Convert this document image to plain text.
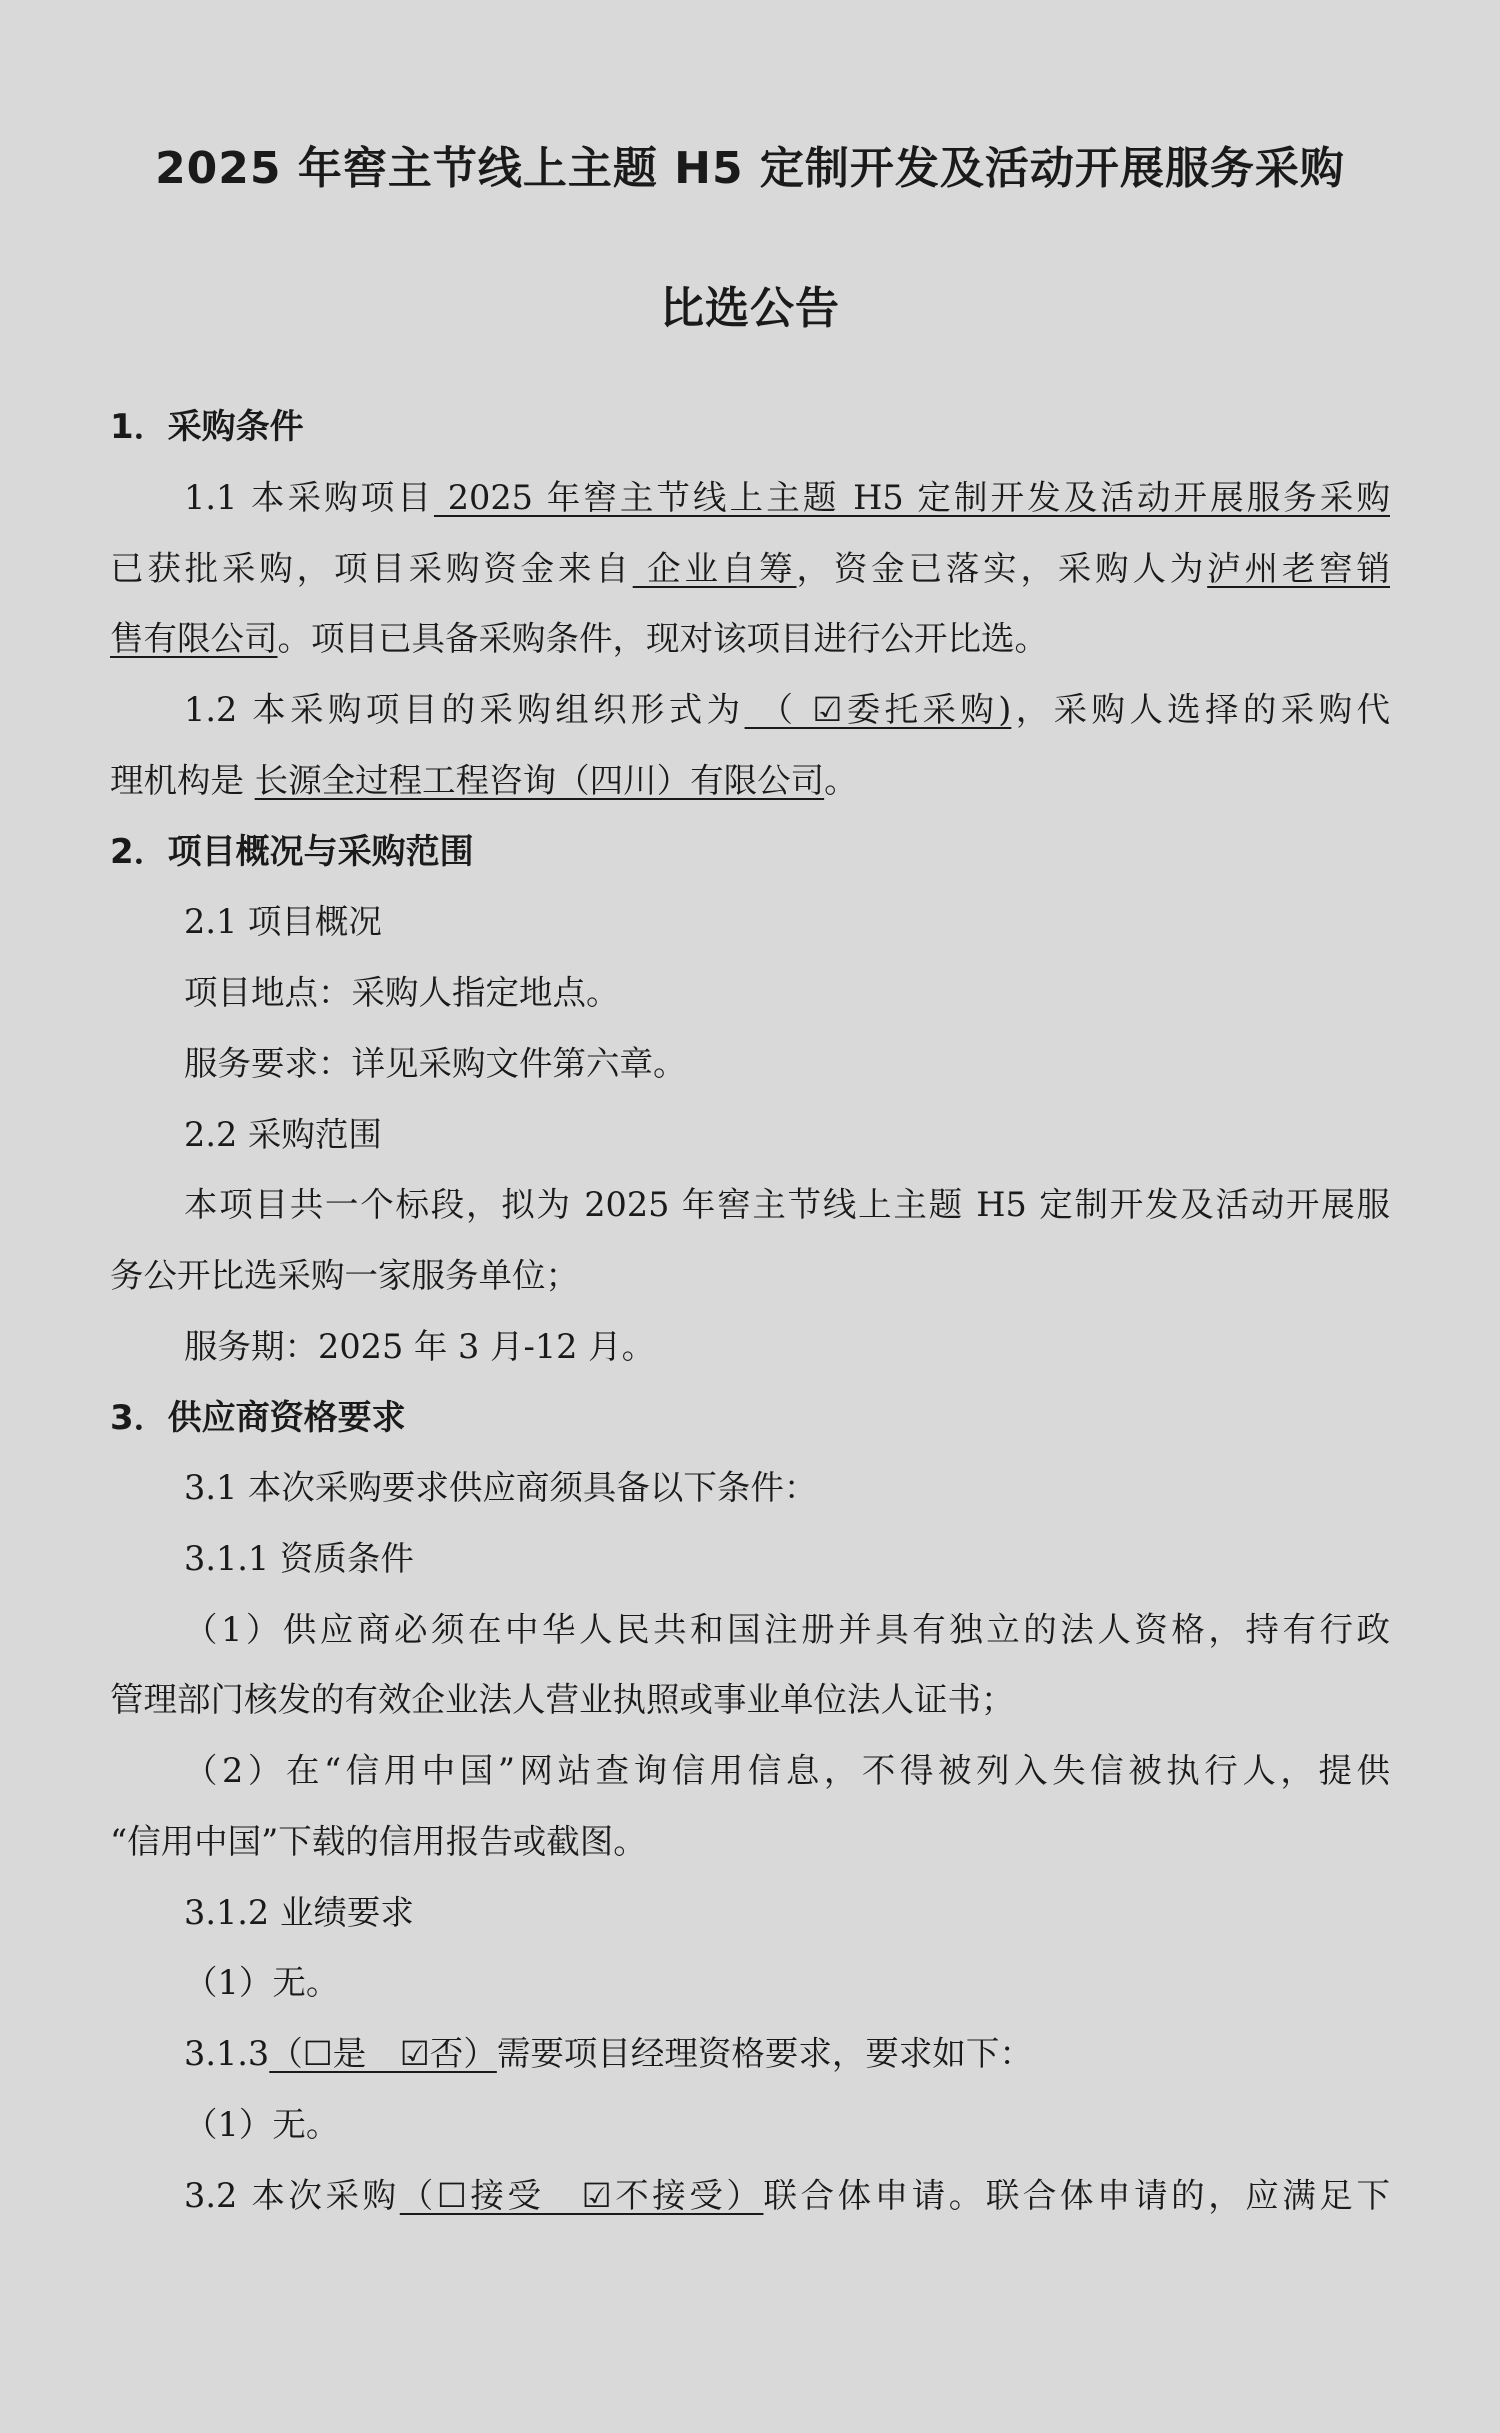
2025 年窖主节线上主题 H5 定制开发及活动开展服务采购
比选公告
1．采购条件
1.1 本采购项目 2025 年窖主节线上主题 H5 定制开发及活动开展服务采购
已获批采购，项目采购资金来自 企业自筹，资金已落实，采购人为泸州老窖销
售有限公司。项目已具备采购条件，现对该项目进行公开比选。
1.2 本采购项目的采购组织形式为 （ ☑委托采购)，采购人选择的采购代
理机构是 长源全过程工程咨询（四川）有限公司。
2．项目概况与采购范围
2.1 项目概况
项目地点：采购人指定地点。
服务要求：详见采购文件第六章。
2.2 采购范围
本项目共一个标段，拟为 2025 年窖主节线上主题 H5 定制开发及活动开展服
务公开比选采购一家服务单位；
服务期：2025 年 3 月-12 月。
3．供应商资格要求
3.1 本次采购要求供应商须具备以下条件：
3.1.1 资质条件
（1）供应商必须在中华人民共和国注册并具有独立的法人资格，持有行政
管理部门核发的有效企业法人营业执照或事业单位法人证书；
（2）在“信用中国”网站查询信用信息，不得被列入失信被执行人，提供
“信用中国”下载的信用报告或截图。
3.1.2 业绩要求
（1）无。
3.1.3（☐是　☑否）需要项目经理资格要求，要求如下：
（1）无。
3.2 本次采购（☐接受　☑不接受）联合体申请。联合体申请的，应满足下
